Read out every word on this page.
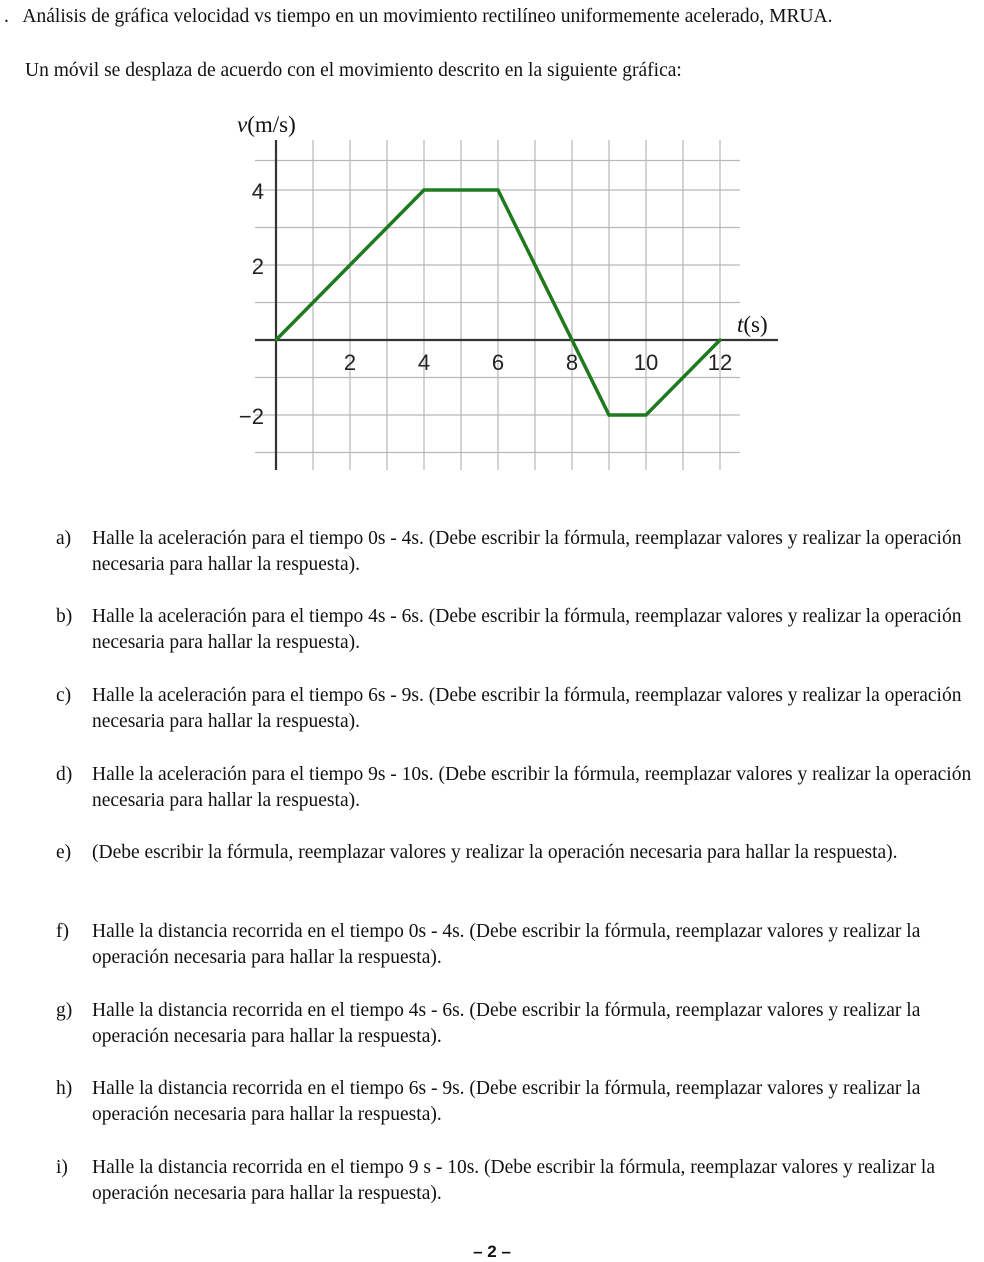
.   Análisis de gráfica velocidad vs tiempo en un movimiento rectilíneo uniformemente acelerado, MRUA.
Un móvil se desplaza de acuerdo con el movimiento descrito en la siguiente gráfica:
2	4	6	8	10 12
4
2
−2
v(m/s)
t(s)
a)	Halle la aceleración para el tiempo 0s - 4s. (Debe escribir la fórmula, reemplazar valores y realizar la operación necesaria para hallar la respuesta).
b)	Halle la aceleración para el tiempo 4s - 6s. (Debe escribir la fórmula, reemplazar valores y realizar la operación necesaria para hallar la respuesta).
c)	Halle la aceleración para el tiempo 6s - 9s. (Debe escribir la fórmula, reemplazar valores y realizar la operación necesaria para hallar la respuesta).
d)	Halle la aceleración para el tiempo 9s - 10s. (Debe escribir la fórmula, reemplazar valores y realizar la operación necesaria para hallar la respuesta).
e)	(Debe escribir la fórmula, reemplazar valores y realizar la operación necesaria para hallar la respuesta).
f)	Halle la distancia recorrida en el tiempo 0s - 4s. (Debe escribir la fórmula, reemplazar valores y realizar la operación necesaria para hallar la respuesta).
g)	Halle la distancia recorrida en el tiempo 4s - 6s. (Debe escribir la fórmula, reemplazar valores y realizar la operación necesaria para hallar la respuesta).
h)	Halle la distancia recorrida en el tiempo 6s - 9s. (Debe escribir la fórmula, reemplazar valores y realizar la operación necesaria para hallar la respuesta).
i)	Halle la distancia recorrida en el tiempo 9 s - 10s. (Debe escribir la fórmula, reemplazar valores y realizar la operación necesaria para hallar la respuesta).
– 2 –
